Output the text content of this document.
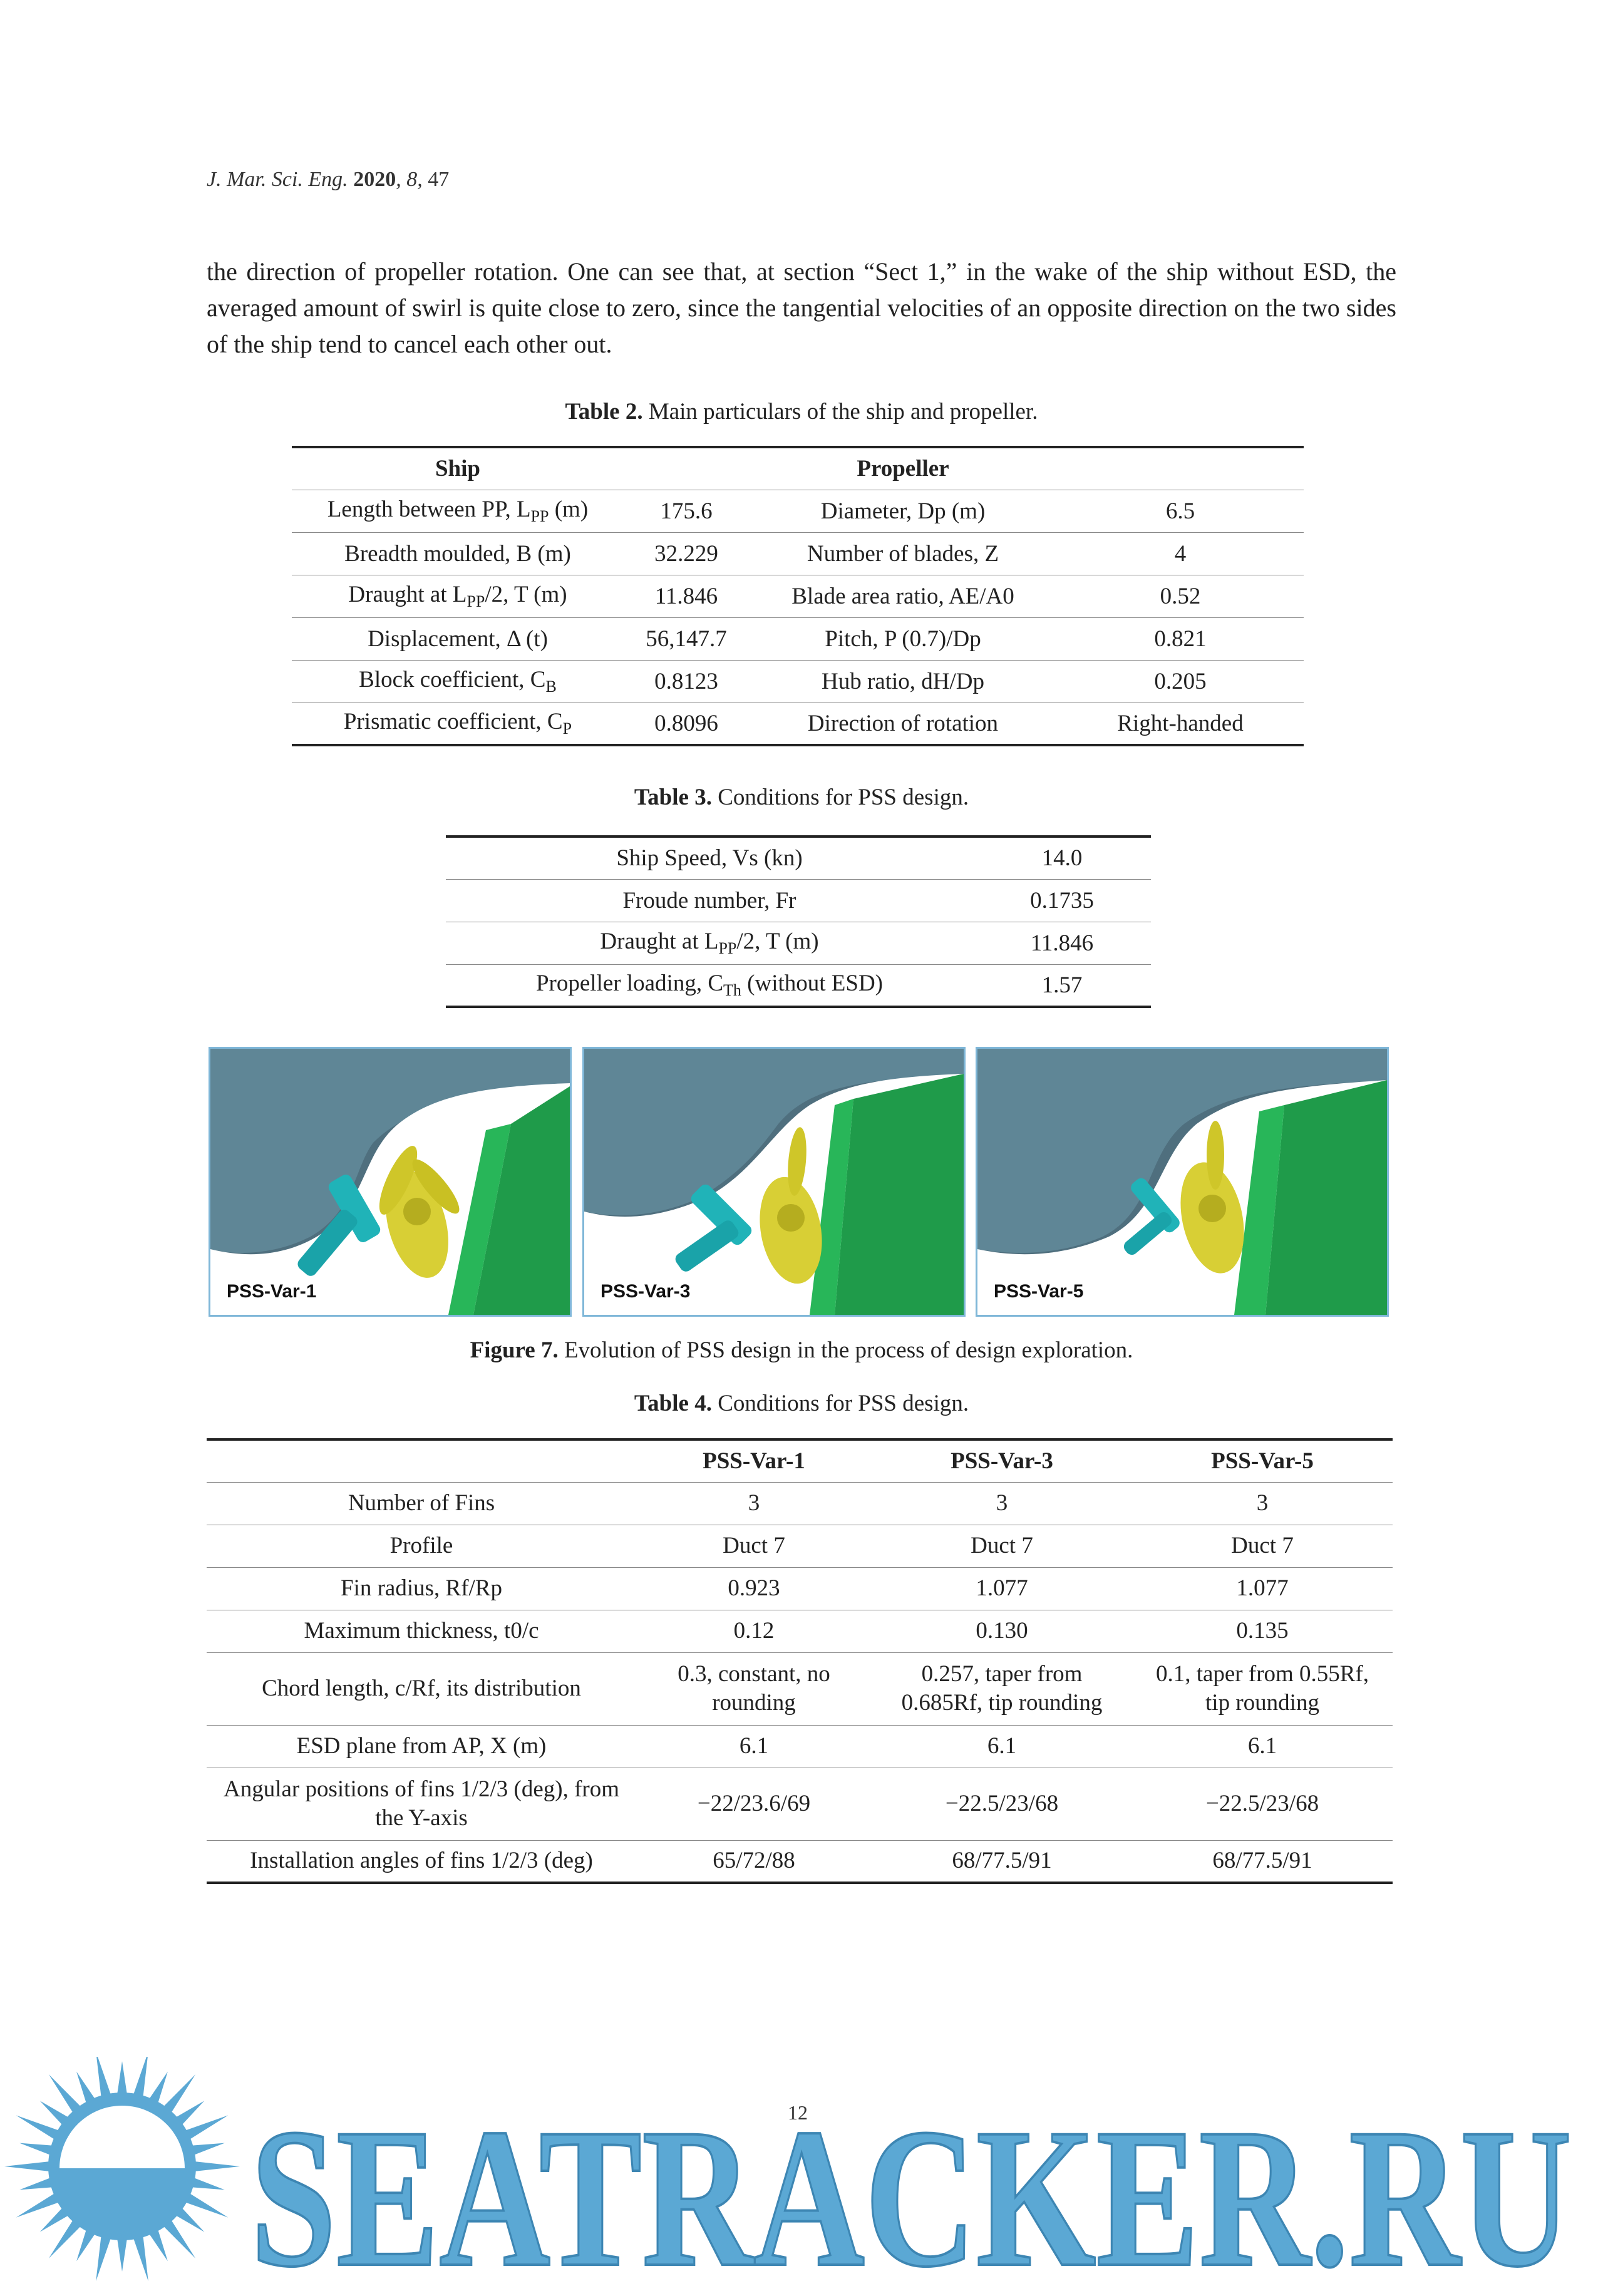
J. Mar. Sci. Eng. 2020, 8, 47
the direction of propeller rotation. One can see that, at section “Sect 1,” in the wake of the ship without ESD, the averaged amount of swirl is quite close to zero, since the tangential velocities of an opposite direction on the two sides of the ship tend to cancel each other out.
Table 2. Main particulars of the ship and propeller.
Ship		Propeller	
Length between PP, $L_{PP}$ (m)	175.6	Diameter, Dp (m)	6.5
Breadth moulded, B (m)	32.229	Number of blades, Z	4
Draught at $L_{PP}/2$, T (m)	11.846	Blade area ratio, AE/A0	0.52
Displacement, Δ (t)	56,147.7	Pitch, P (0.7)/Dp	0.821
Block coefficient, $C_B$	0.8123	Hub ratio, dH/Dp	0.205
Prismatic coefficient, $C_P$	0.8096	Direction of rotation	Right-handed
Table 3. Conditions for PSS design.
Ship Speed, Vs (kn)	14.0
Froude number, Fr	0.1735
Draught at $L_{PP}/2$, T (m)	11.846
Propeller loading, $C_{Th}$ (without ESD)	1.57
PSS-Var-1	PSS-Var-3	PSS-Var-5
Figure 7. Evolution of PSS design in the process of design exploration.
Table 4. Conditions for PSS design.
	PSS-Var-1	PSS-Var-3	PSS-Var-5
Number of Fins	3	3	3
Profile	Duct 7	Duct 7	Duct 7
Fin radius, Rf/Rp	0.923	1.077	1.077
Maximum thickness, t0/c	0.12	0.130	0.135
Chord length, c/Rf, its distribution	0.3, constant, no rounding	0.257, taper from 0.685Rf, tip rounding	0.1, taper from 0.55Rf, tip rounding
ESD plane from AP, X (m)	6.1	6.1	6.1
Angular positions of fins 1/2/3 (deg), from the Y-axis	−22/23.6/69	−22.5/23/68	−22.5/23/68
Installation angles of fins 1/2/3 (deg)	65/72/88	68/77.5/91	68/77.5/91
SEATRACKER.RU
12
